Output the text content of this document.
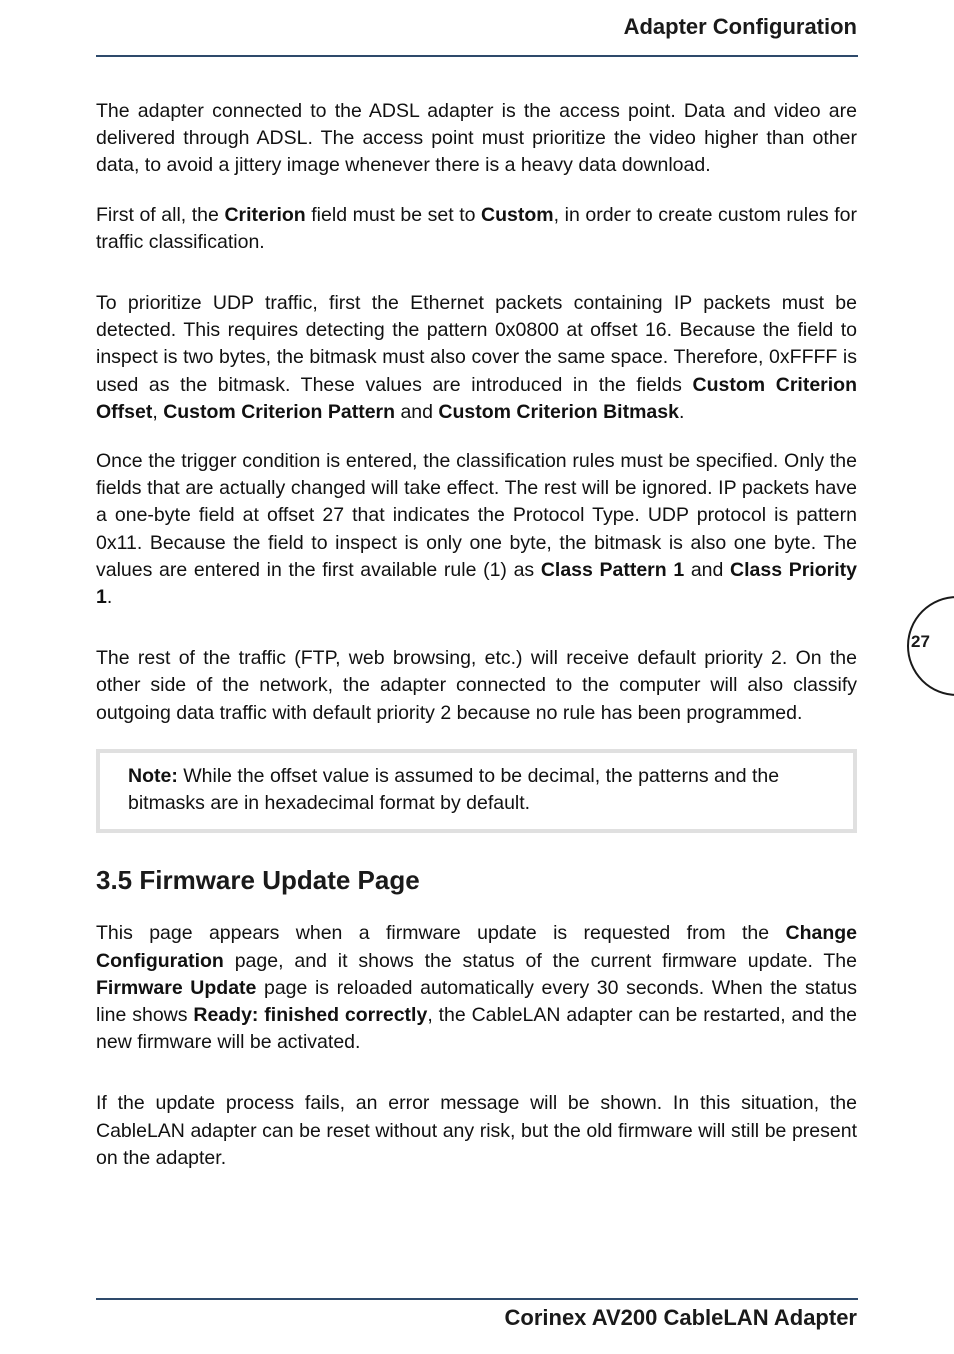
Adapter Configuration
27

The adapter connected to the ADSL adapter is the access point. Data and video are delivered through ADSL. The access point must prioritize the video higher than other data, to avoid a jittery image whenever there is a heavy data download.

First of all, the Criterion field must be set to Custom, in order to create custom rules for traffic classification.

To prioritize UDP traffic, first the Ethernet packets containing IP packets must be detected. This requires detecting the pattern 0x0800 at offset 16. Because the field to inspect is two bytes, the bitmask must also cover the same space. Therefore, 0xFFFF is used as the bitmask. These values are introduced in the fields Custom Criterion Offset, Custom Criterion Pattern and Custom Criterion Bitmask.

Once the trigger condition is entered, the classification rules must be specified. Only the fields that are actually changed will take effect. The rest will be ignored. IP packets have a one-byte field at offset 27 that indicates the Protocol Type. UDP protocol is pattern 0x11. Because the field to inspect is only one byte, the bitmask is also one byte. The values are entered in the first available rule (1) as Class Pattern 1 and Class Priority 1.

The rest of the traffic (FTP, web browsing, etc.) will receive default priority 2. On the other side of the network, the adapter connected to the computer will also classify outgoing data traffic with default priority 2 because no rule has been programmed.

Note: While the offset value is assumed to be decimal, the patterns and the bitmasks are in hexadecimal format by default.

3.5 Firmware Update Page

This page appears when a firmware update is requested from the Change Configuration page, and it shows the status of the current firmware update. The Firmware Update page is reloaded automatically every 30 seconds. When the status line shows Ready: finished correctly, the CableLAN adapter can be restarted, and the new firmware will be activated.

If the update process fails, an error message will be shown. In this situation, the CableLAN adapter can be reset without any risk, but the old firmware will still be present on the adapter.

Corinex AV200 CableLAN Adapter
